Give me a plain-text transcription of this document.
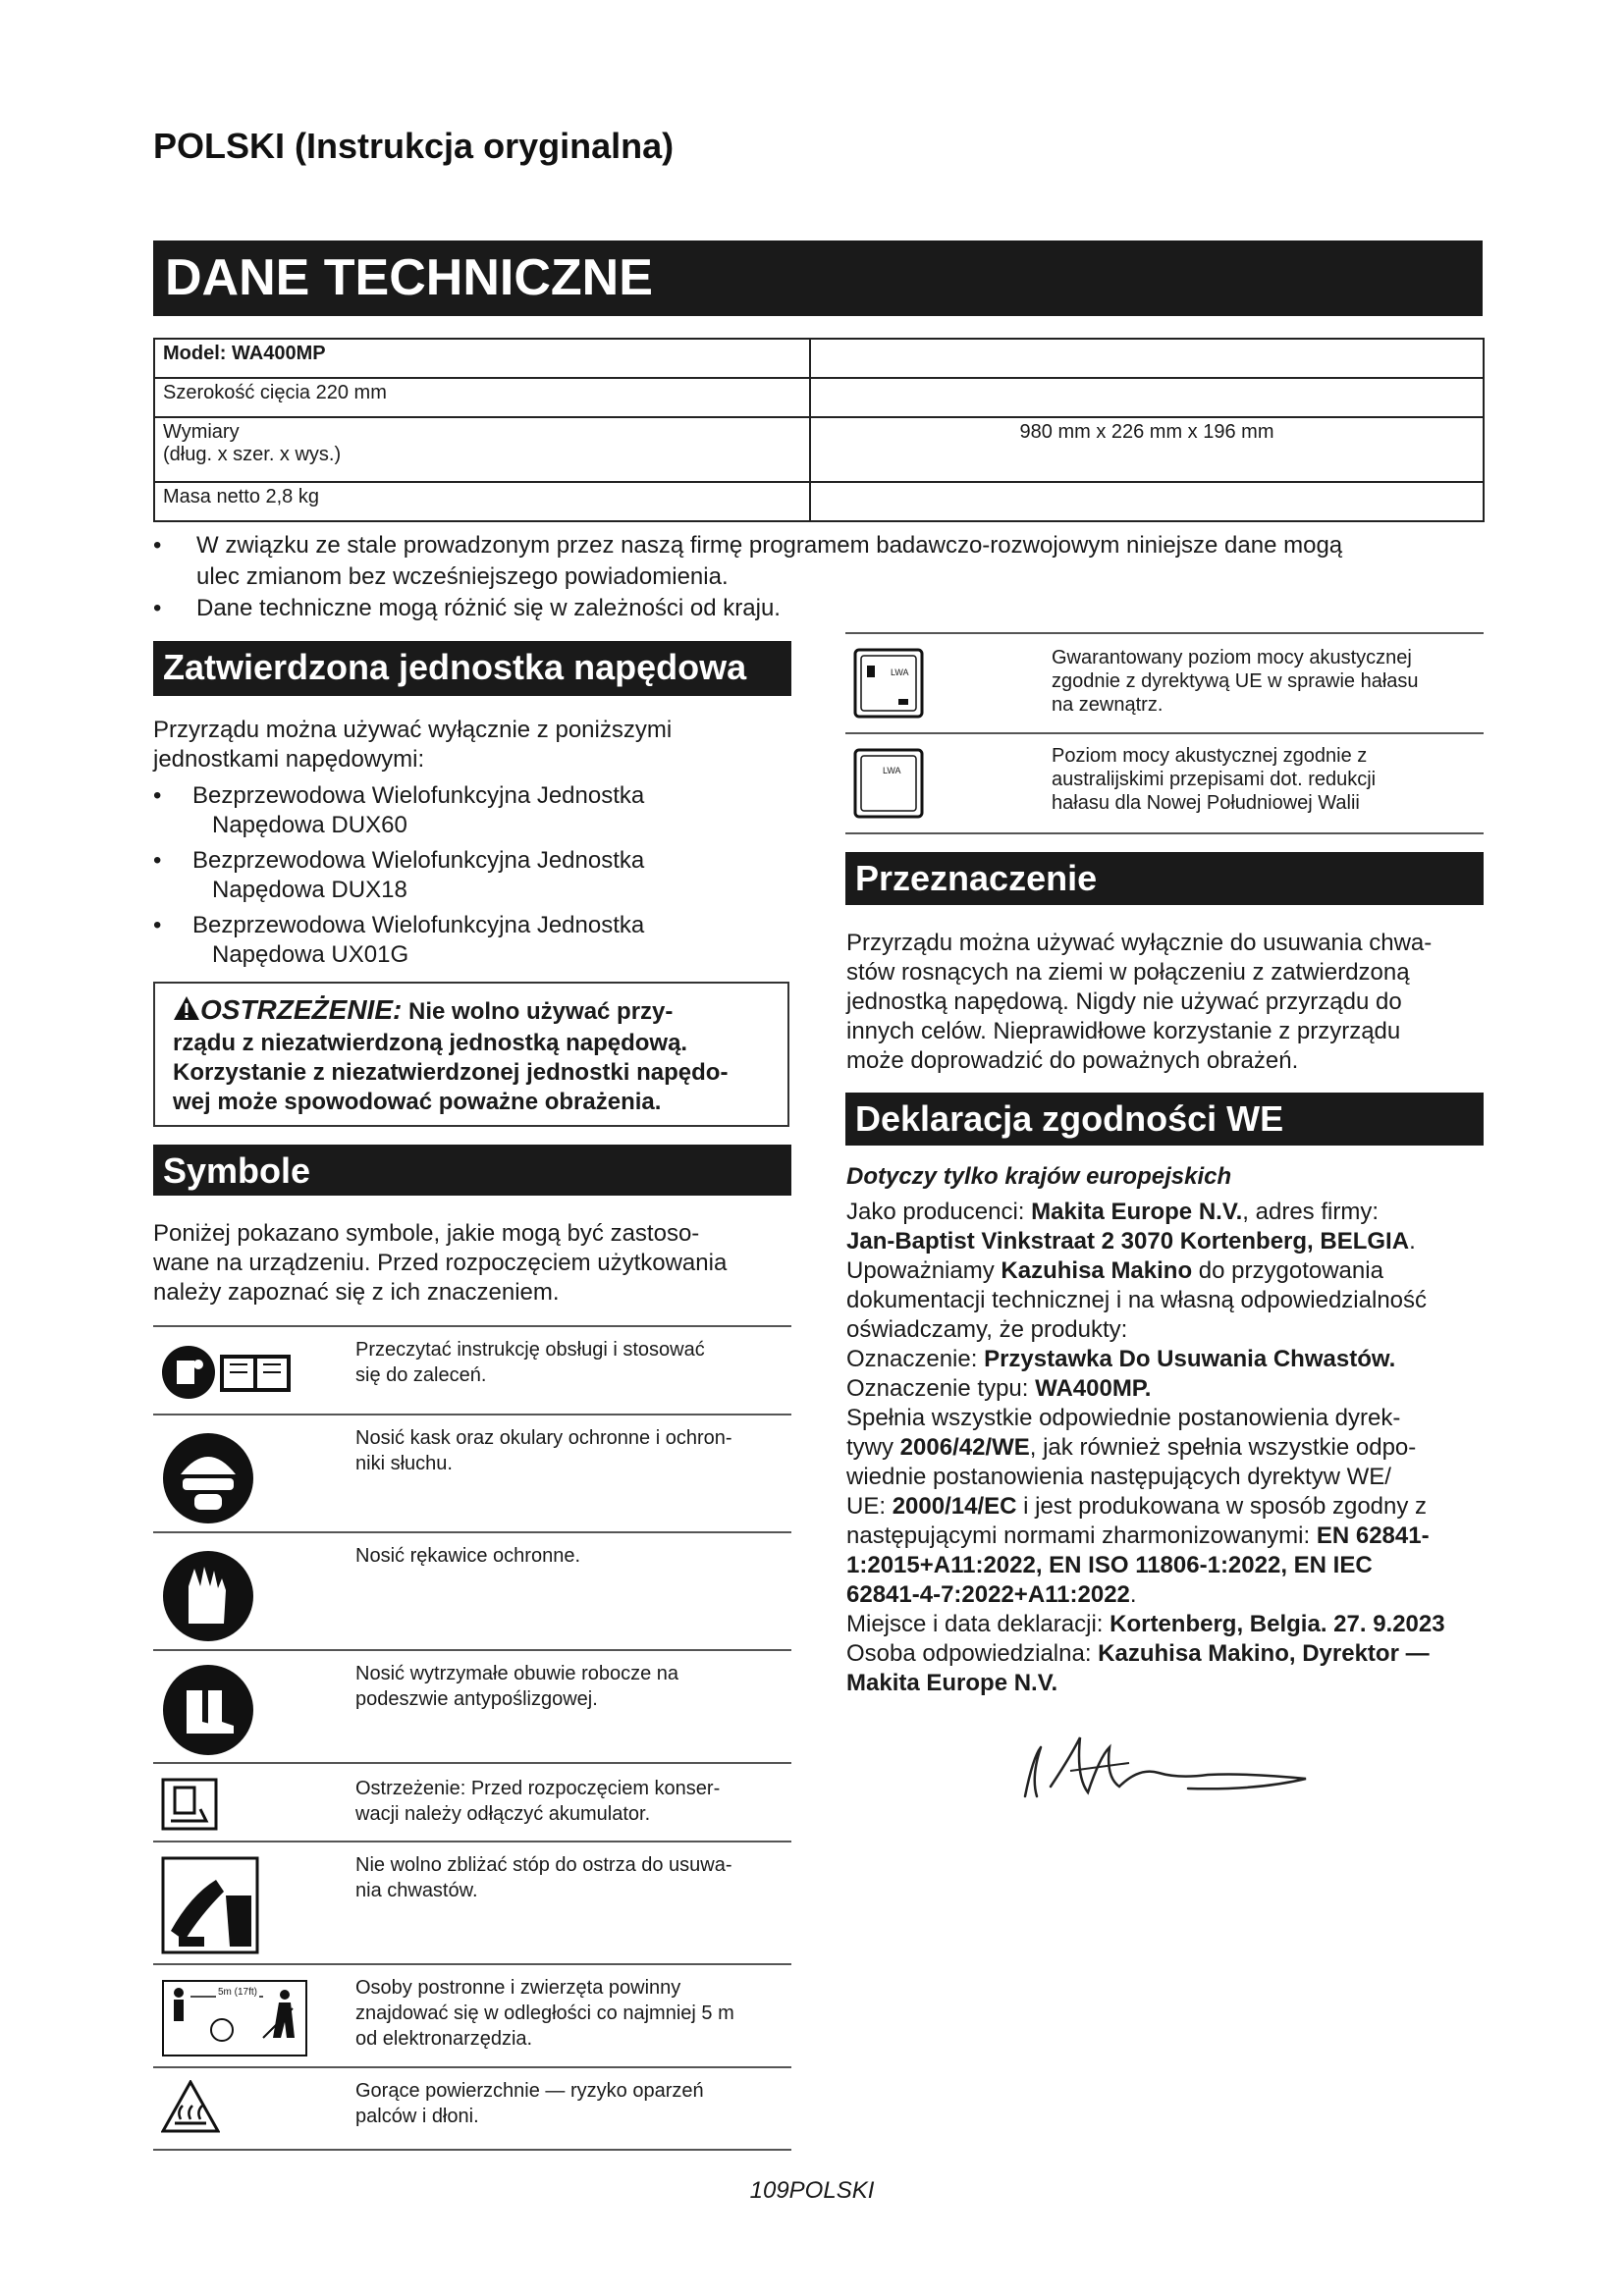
POLSKI (Instrukcja oryginalna)
DANE TECHNICZNE
Model: WA400MP	
Szerokość cięcia 220 mm	

Wymiary
(dług. x szer. x wys.)	980 mm x 226 mm x 196 mm
Masa netto 2,8 kg	
• W związku ze stale prowadzonym przez naszą firmę programem badawczo-rozwojowym niniejsze dane mogą
ulec zmianom bez wcześniejszego powiadomienia.
• Dane techniczne mogą różnić się w zależności od kraju.
Zatwierdzona jednostka napędowa
Przyrządu można używać wyłącznie z poniższymi
jednostkami napędowymi:
• Bezprzewodowa Wielofunkcyjna Jednostka
Napędowa DUX60
• Bezprzewodowa Wielofunkcyjna Jednostka
Napędowa DUX18
• Bezprzewodowa Wielofunkcyjna Jednostka
Napędowa UX01G
OSTRZEŻENIE: Nie wolno używać przy-
rządu z niezatwierdzoną jednostką napędową.
Korzystanie z niezatwierdzonej jednostki napędo-
wej może spowodować poważne obrażenia.
Symbole
Poniżej pokazano symbole, jakie mogą być zastoso-
wane na urządzeniu. Przed rozpoczęciem użytkowania
należy zapoznać się z ich znaczeniem.
Przeczytać instrukcję obsługi i stosować
się do zaleceń.
Nosić kask oraz okulary ochronne i ochron-
niki słuchu.
Nosić rękawice ochronne.
Nosić wytrzymałe obuwie robocze na
podeszwie antypoślizgowej.
Ostrzeżenie: Przed rozpoczęciem konser-
wacji należy odłączyć akumulator.
Nie wolno zbliżać stóp do ostrza do usuwa-
nia chwastów.
5m (17ft)	Osoby postronne i zwierzęta powinny
znajdować się w odległości co najmniej 5 m
od elektronarzędzia.
Gorące powierzchnie — ryzyko oparzeń
palców i dłoni.
LWA
Gwarantowany poziom mocy akustycznej
zgodnie z dyrektywą UE w sprawie hałasu
na zewnątrz.
LWA
Poziom mocy akustycznej zgodnie z
australijskimi przepisami dot. redukcji
hałasu dla Nowej Południowej Walii
Przeznaczenie
Przyrządu można używać wyłącznie do usuwania chwa-
stów rosnących na ziemi w połączeniu z zatwierdzoną
jednostką napędową. Nigdy nie używać przyrządu do
innych celów. Nieprawidłowe korzystanie z przyrządu
może doprowadzić do poważnych obrażeń.
Deklaracja zgodności WE
Dotyczy tylko krajów europejskich
Jako producenci: Makita Europe N.V., adres firmy:
Jan-Baptist Vinkstraat 2 3070 Kortenberg, BELGIA.
Upoważniamy Kazuhisa Makino do przygotowania
dokumentacji technicznej i na własną odpowiedzialność
oświadczamy, że produkty:
Oznaczenie: Przystawka Do Usuwania Chwastów.
Oznaczenie typu: WA400MP.
Spełnia wszystkie odpowiednie postanowienia dyrek-
tywy 2006/42/WE, jak również spełnia wszystkie odpo-
wiednie postanowienia następujących dyrektyw WE/
UE: 2000/14/EC i jest produkowana w sposób zgodny z
następującymi normami zharmonizowanymi: EN 62841-
1:2015+A11:2022, EN ISO 11806-1:2022, EN IEC
62841-4-7:2022+A11:2022.
Miejsce i data deklaracji: Kortenberg, Belgia. 27. 9.2023
Osoba odpowiedzialna: Kazuhisa Makino, Dyrektor —
Makita Europe N.V.
109POLSKI
